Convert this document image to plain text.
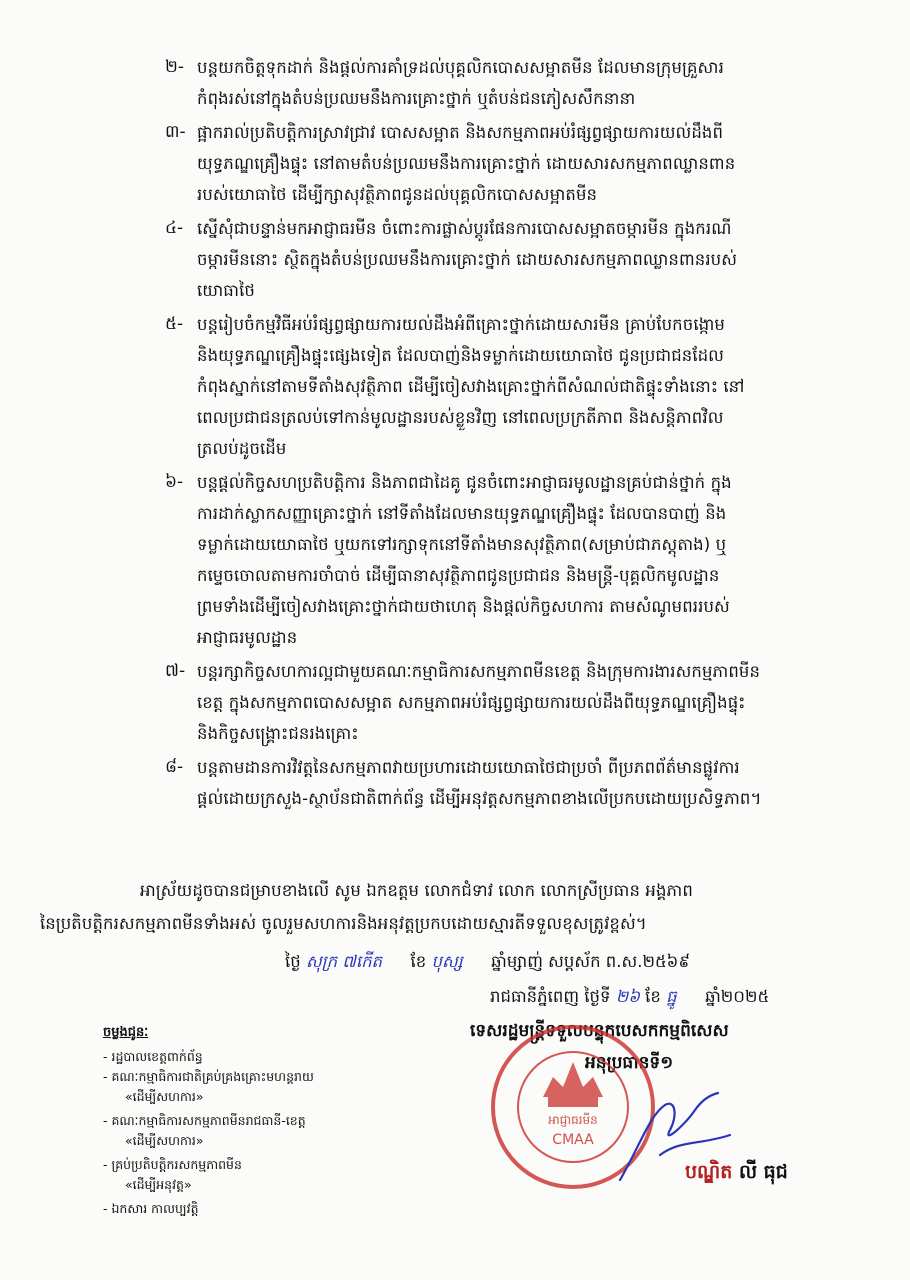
២- បន្តយកចិត្តទុកដាក់ និងផ្តល់ការគាំទ្រដល់បុគ្គលិកបោសសម្អាតមីន ដែលមានក្រុមគ្រួសារ
កំពុងរស់នៅក្នុងតំបន់ប្រឈមនឹងការគ្រោះថ្នាក់ ឬតំបន់ជនភៀសសឹកនានា
៣- ផ្អាករាល់ប្រតិបត្តិការស្រាវជ្រាវ បោសសម្អាត និងសកម្មភាពអប់រំផ្សព្វផ្សាយការយល់ដឹងពី
យុទ្ធភណ្ឌគ្រឿងផ្ទុះ នៅតាមតំបន់ប្រឈមនឹងការគ្រោះថ្នាក់ ដោយសារសកម្មភាពឈ្លានពាន
របស់យោធាថៃ ដើម្បីក្សាសុវត្ថិភាពជូនដល់បុគ្គលិកបោសសម្អាតមីន
៤- ស្នើសុំជាបន្ទាន់មកអាជ្ញាធរមីន ចំពោះការផ្លាស់ប្តូរផែនការបោសសម្អាតចម្ការមីន ក្នុងករណី
ចម្ការមីននោះ ស្ថិតក្នុងតំបន់ប្រឈមនឹងការគ្រោះថ្នាក់ ដោយសារសកម្មភាពឈ្លានពានរបស់
យោធាថៃ
៥- បន្តរៀបចំកម្មវិធីអប់រំផ្សព្វផ្សាយការយល់ដឹងអំពីគ្រោះថ្នាក់ដោយសារមីន គ្រាប់បែកចង្កោម
និងយុទ្ធភណ្ឌគ្រឿងផ្ទុះផ្សេងទៀត ដែលបាញ់និងទម្លាក់ដោយយោធាថៃ ជូនប្រជាជនដែល
កំពុងស្នាក់នៅតាមទីតាំងសុវត្ថិភាព ដើម្បីចៀសវាងគ្រោះថ្នាក់ពីសំណល់ជាតិផ្ទុះទាំងនោះ នៅ
ពេលប្រជាជនត្រលប់ទៅកាន់មូលដ្ឋានរបស់ខ្លួនវិញ នៅពេលប្រក្រតីភាព និងសន្តិភាពវិល
ត្រលប់ដូចដើម
៦- បន្តផ្តល់កិច្ចសហប្រតិបត្តិការ និងភាពជាដៃគូ ជូនចំពោះអាជ្ញាធរមូលដ្ឋានគ្រប់ជាន់ថ្នាក់ ក្នុង
ការដាក់ស្លាកសញ្ញាគ្រោះថ្នាក់ នៅទីតាំងដែលមានយុទ្ធភណ្ឌគ្រឿងផ្ទុះ ដែលបានបាញ់ និង
ទម្លាក់ដោយយោធាថៃ ឬយកទៅរក្សាទុកនៅទីតាំងមានសុវត្ថិភាព(សម្រាប់ជាភស្តុតាង) ឬ
កម្ទេចចោលតាមការចាំបាច់ ដើម្បីធានាសុវត្ថិភាពជូនប្រជាជន និងមន្ត្រី-បុគ្គលិកមូលដ្ឋាន
ព្រមទាំងដើម្បីចៀសវាងគ្រោះថ្នាក់ជាយថាហេតុ និងផ្តល់កិច្ចសហការ តាមសំណូមពររបស់
អាជ្ញាធរមូលដ្ឋាន
៧- បន្តរក្សាកិច្ចសហការល្អជាមួយគណៈកម្មាធិការសកម្មភាពមីនខេត្ត និងក្រុមការងារសកម្មភាពមីន
ខេត្ត ក្នុងសកម្មភាពបោសសម្អាត សកម្មភាពអប់រំផ្សព្វផ្សាយការយល់ដឹងពីយុទ្ធភណ្ឌគ្រឿងផ្ទុះ
និងកិច្ចសង្គ្រោះជនរងគ្រោះ
៨- បន្តតាមដានការវិវត្តនៃសកម្មភាពវាយប្រហារដោយយោធាថៃជាប្រចាំ ពីប្រភពព័ត៌មានផ្លូវការ
ផ្តល់ដោយក្រសួង-ស្ថាប័នជាតិពាក់ព័ន្ធ ដើម្បីអនុវត្តសកម្មភាពខាងលើប្រកបដោយប្រសិទ្ធភាព។
អាស្រ័យដូចបានជម្រាបខាងលើ សូម ឯកឧត្តម លោកជំទាវ លោក លោកស្រីប្រធាន អង្គភាព
នៃប្រតិបត្តិករសកម្មភាពមីនទាំងអស់ ចូលរួមសហការនិងអនុវត្តប្រកបដោយស្មារតីទទួលខុសត្រូវខ្ពស់។
ថ្ងៃ សុក្រ ៧កើត ខែ បុស្ស ឆ្នាំម្សាញ់ សប្តស័ក ព.ស.២៥៦៩
រាជធានីភ្នំពេញ ថ្ងៃទី ២៦ ខែ ធ្នូ ឆ្នាំ២០២៥
ទេសរដ្ឋមន្ត្រីទទួលបន្ទុកបេសកកម្មពិសេស
អនុប្រធានទី១
CMAA
អាជ្ញាធរមីន
បណ្ឌិត លី ធុជ
ចម្លងជូនៈ
- រដ្ឋបាលខេត្តពាក់ព័ន្ធ
- គណៈកម្មាធិការជាតិគ្រប់គ្រងគ្រោះមហន្តរាយ
«ដើម្បីសហការ»
- គណៈកម្មាធិការសកម្មភាពមីនរាជធានី-ខេត្ត
«ដើម្បីសហការ»
- គ្រប់ប្រតិបត្តិករសកម្មភាពមីន
«ដើម្បីអនុវត្ត»
- ឯកសារ កាលប្បវត្តិ
